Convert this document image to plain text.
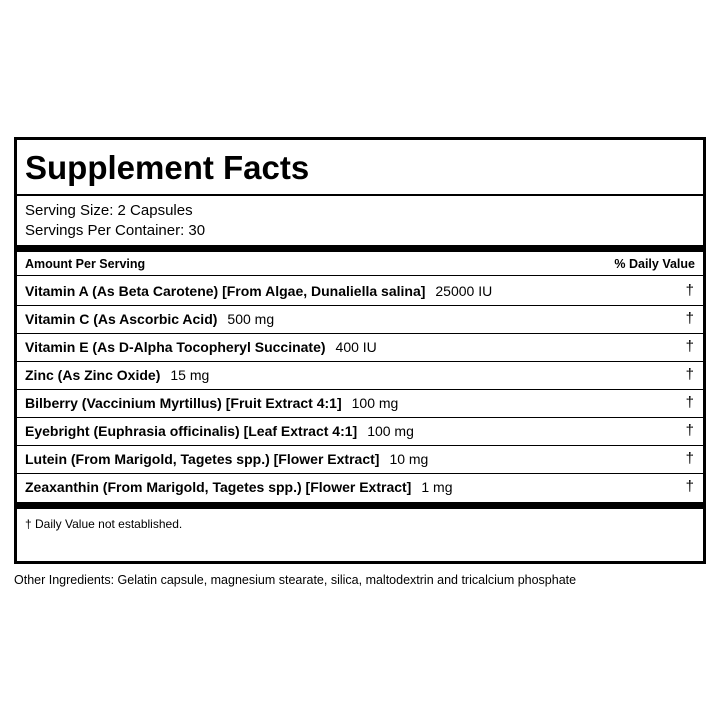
Supplement Facts
Serving Size: 2 Capsules
Servings Per Container: 30
Amount Per Serving	% Daily Value
Vitamin A (As Beta Carotene) [From Algae, Dunaliella salina] 25000 IU	†
Vitamin C (As Ascorbic Acid) 500 mg	†
Vitamin E (As D-Alpha Tocopheryl Succinate) 400 IU	†
Zinc (As Zinc Oxide) 15 mg	†
Bilberry (Vaccinium Myrtillus) [Fruit Extract 4:1] 100 mg	†
Eyebright (Euphrasia officinalis) [Leaf Extract 4:1] 100 mg	†
Lutein (From Marigold, Tagetes spp.) [Flower Extract] 10 mg	†
Zeaxanthin (From Marigold, Tagetes spp.) [Flower Extract] 1 mg	†
† Daily Value not established.
Other Ingredients: Gelatin capsule, magnesium stearate, silica, maltodextrin and tricalcium phosphate
